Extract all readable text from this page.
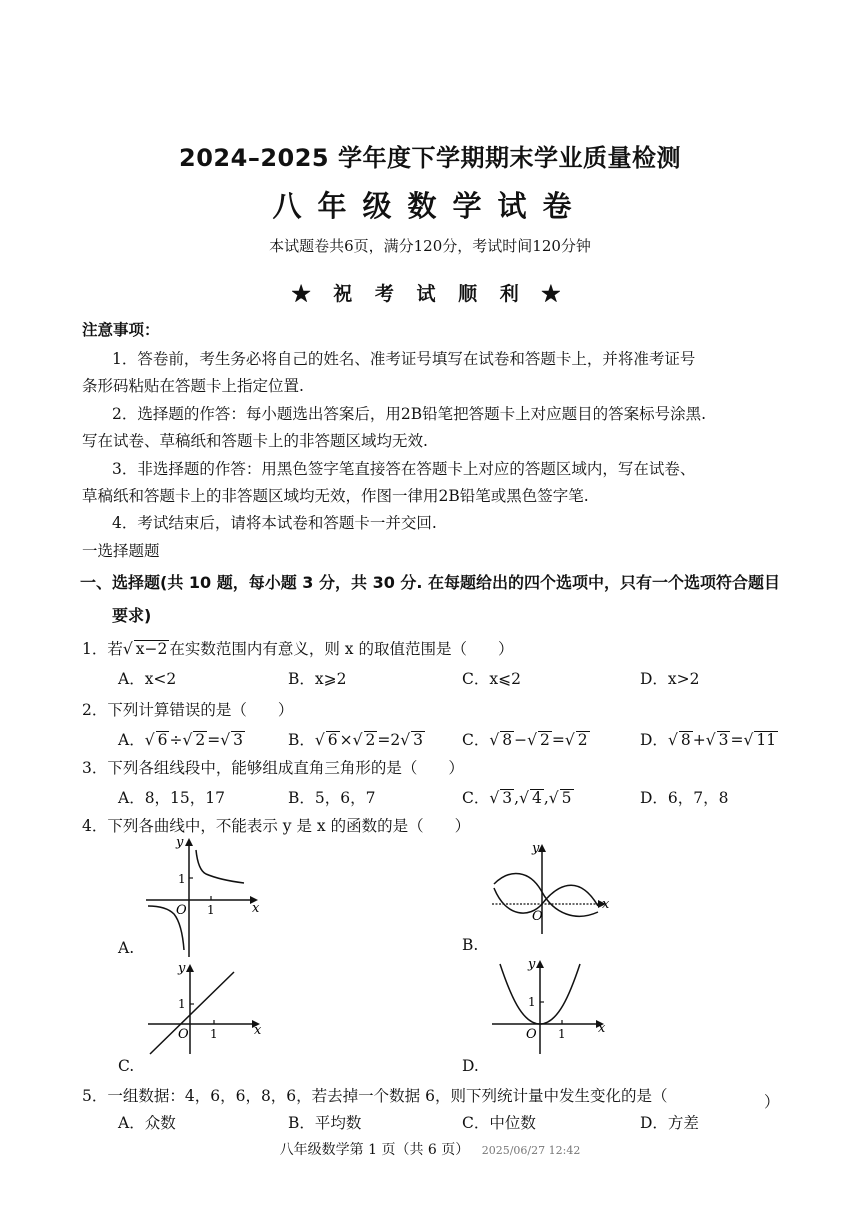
2024–2025 学年度下学期期末学业质量检测
八年级数学试卷
本试题卷共6页，满分120分，考试时间120分钟
★ 祝 考 试 顺 利 ★
注意事项：
1．答卷前，考生务必将自己的姓名、准考证号填写在试卷和答题卡上，并将准考证号
条形码粘贴在答题卡上指定位置.
2．选择题的作答：每小题选出答案后，用2B铅笔把答题卡上对应题目的答案标号涂黑.
写在试卷、草稿纸和答题卡上的非答题区域均无效.
3．非选择题的作答：用黑色签字笔直接答在答题卡上对应的答题区域内，写在试卷、
草稿纸和答题卡上的非答题区域均无效，作图一律用2B铅笔或黑色签字笔.
4．考试结束后，请将本试卷和答题卡一并交回.
一选择题题
一、选择题(共 10 题，每小题 3 分，共 30 分. 在每题给出的四个选项中，只有一个选项符合题目
要求)
1．若 √ x−2 在实数范围内有意义，则 x 的取值范围是（　　）
A．x<2	B．x⩾2	C．x⩽2	D．x>2
2．下列计算错误的是（　　）
A． √ 6 ÷ √ 2 = √ 3	B． √ 6 × √ 2 =2 √ 3	C． √ 8 − √ 2 = √ 2	D． √ 8 + √ 3 = √ 11
3．下列各组线段中，能够组成直角三角形的是（　　）
A．8，15，17	B．5，6，7	C． √ 3 , √ 4 , √ 5	D．6，7，8
4．下列各曲线中，不能表示 y 是 x 的函数的是（　　）
y
x
O 1
1
A.
y
x
O
B.
y
x
O 1
1
C.
y
x
O 1
1
D.
5．一组数据：4，6，6，8，6，若去掉一个数据 6，则下列统计量中发生变化的是（	）
A．众数	B．平均数	C．中位数	D．方差
八年级数学第 1 页（共 6 页） 2025/06/27 12:42
